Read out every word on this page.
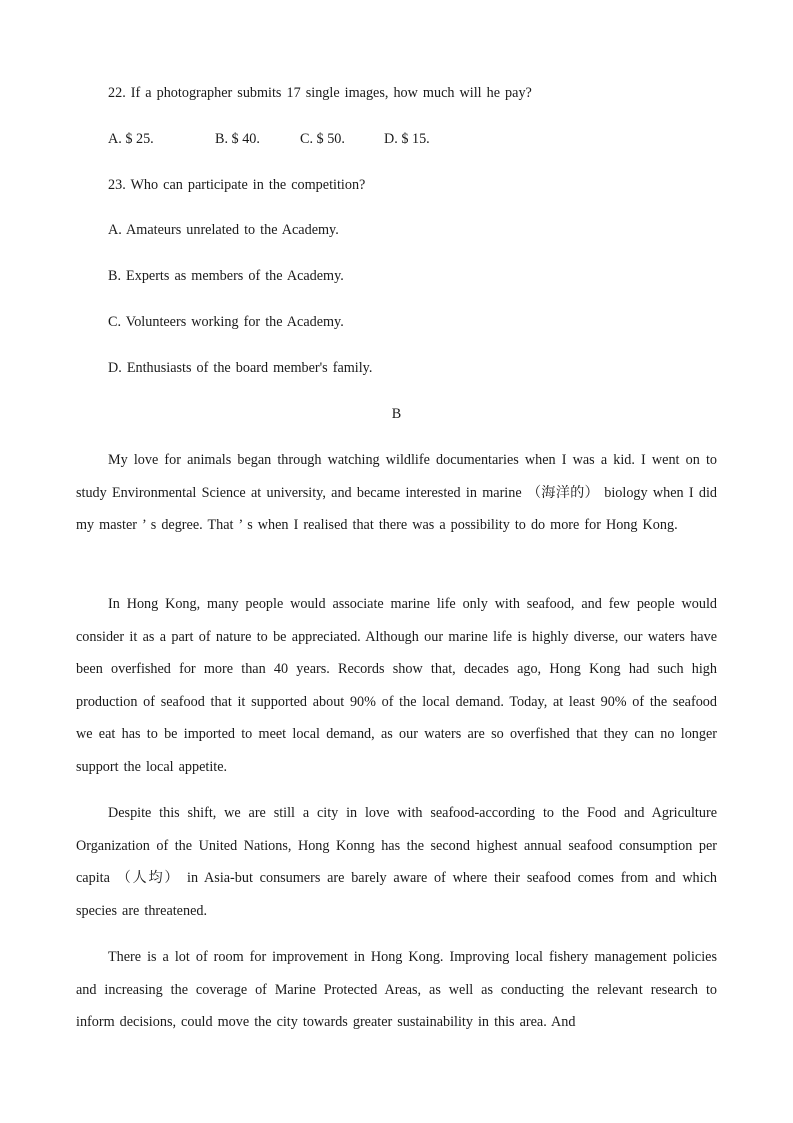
22. If a photographer submits 17 single images, how much will he pay?
A. $ 25.	B. $ 40.	C. $ 50.	D. $ 15.
23. Who can participate in the competition?
A. Amateurs unrelated to the Academy.
B. Experts as members of the Academy.
C. Volunteers working for the Academy.
D. Enthusiasts of the board member's family.
B

My love for animals began through watching wildlife documentaries when I was a kid. I went on to study Environmental Science at university, and became interested in marine （海洋的） biology when I did my master ’ s degree. That ’ s when I realised that there was a possibility to do more for Hong Kong.

In Hong Kong, many people would associate marine life only with seafood, and few people would consider it as a part of nature to be appreciated. Although our marine life is highly diverse, our waters have been overfished for more than 40 years. Records show that, decades ago, Hong Kong had such high production of seafood that it supported about 90% of the local demand. Today, at least 90% of the seafood we eat has to be imported to meet local demand, as our waters are so overfished that they can no longer support the local appetite.

Despite this shift, we are still a city in love with seafood-according to the Food and Agriculture Organization of the United Nations, Hong Konng has the second highest annual seafood consumption per capita （人均） in Asia-but consumers are barely aware of where their seafood comes from and which species are threatened.

There is a lot of room for improvement in Hong Kong. Improving local fishery management policies and increasing the coverage of Marine Protected Areas, as well as conducting the relevant research to inform decisions, could move the city towards greater sustainability in this area. And
